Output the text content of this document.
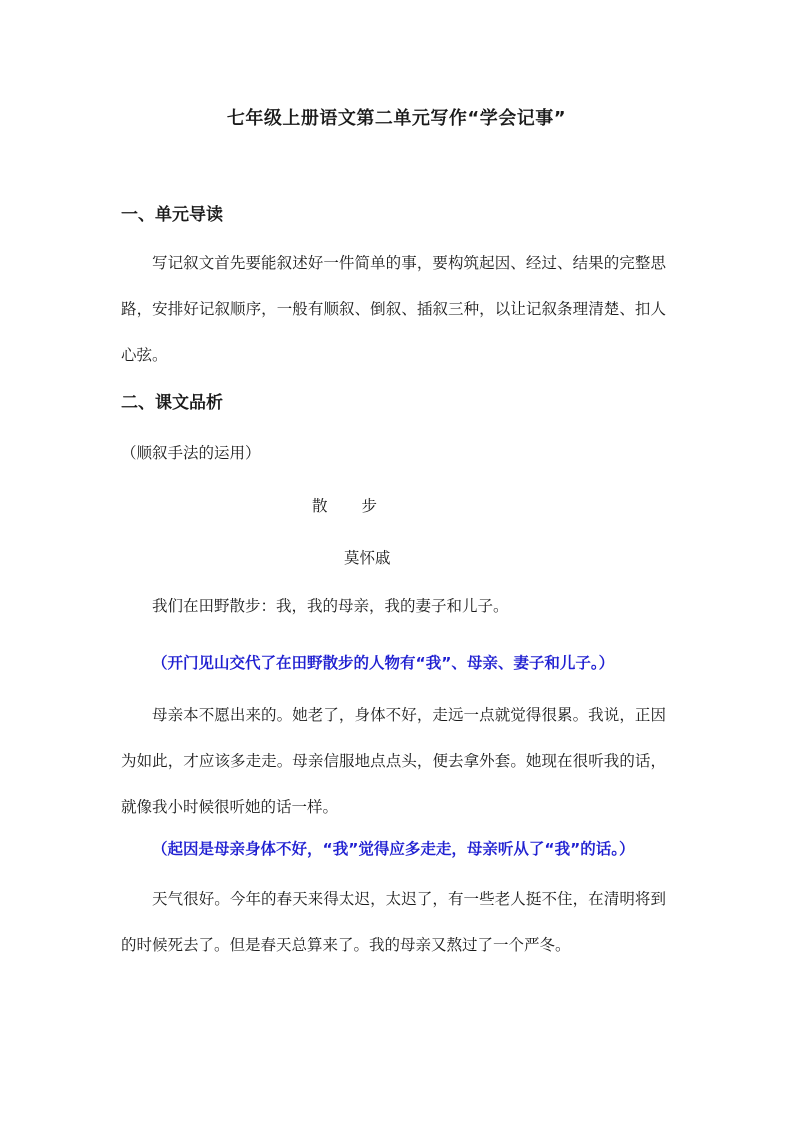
七年级上册语文第二单元写作“学会记事”
一、单元导读

写记叙文首先要能叙述好一件简单的事，要构筑起因、经过、结果的完整思路，安排好记叙顺序，一般有顺叙、倒叙、插叙三种，以让记叙条理清楚、扣人心弦。

二、课文品析
（顺叙手法的运用）
散　　步
莫怀戚

我们在田野散步：我，我的母亲，我的妻子和儿子。

（开门见山交代了在田野散步的人物有“我”、母亲、妻子和儿子。）

母亲本不愿出来的。她老了，身体不好，走远一点就觉得很累。我说，正因为如此，才应该多走走。母亲信服地点点头，便去拿外套。她现在很听我的话，就像我小时候很听她的话一样。

（起因是母亲身体不好，“我”觉得应多走走，母亲听从了“我”的话。）

天气很好。今年的春天来得太迟，太迟了，有一些老人挺不住，在清明将到的时候死去了。但是春天总算来了。我的母亲又熬过了一个严冬。
